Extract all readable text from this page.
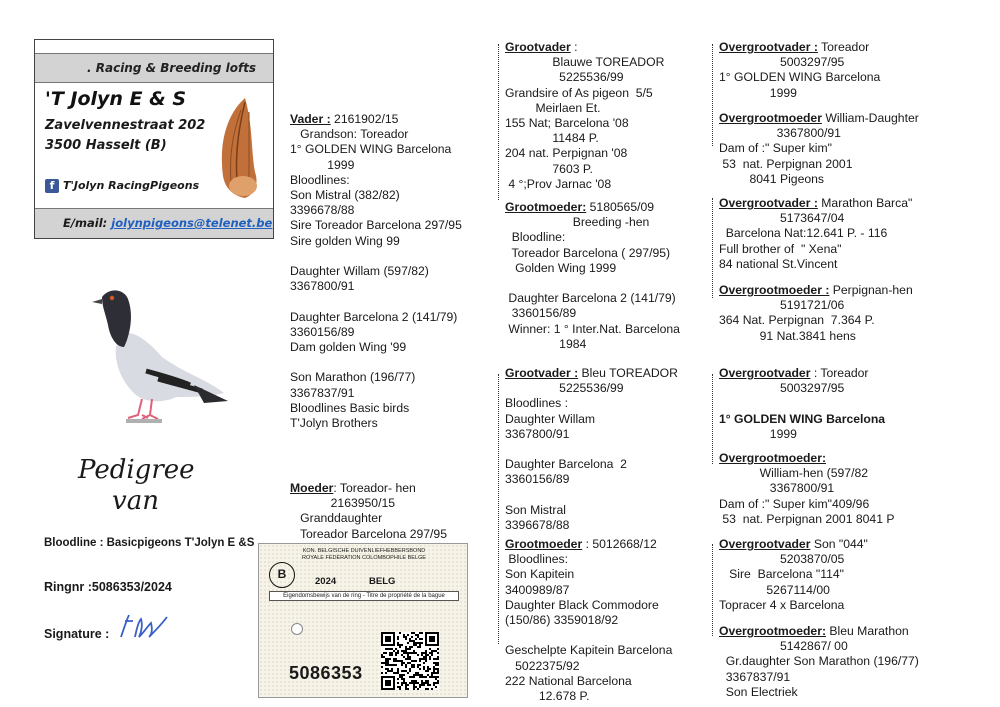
. Racing & Breeding lofts
'T Jolyn E & S
Zavelvennestraat 202
3500 Hasselt (B)
f T'Jolyn RacingPigeons
E/mail: jolynpigeons@telenet.be
Pedigree
van
Bloodline : Basicpigeons T'Jolyn E &S
Ringnr :5086353/2024
Signature :
KON. BELGISCHE DUIVENLIEFHEBBERSBOND ROYALE FÉDÉRATION COLOMBOPHILE BELGE
B
2024	BELG
Eigendomsbewijs van de ring - Titre de propriété de la bague
5086353
Vader : 2161902/15
Grandson: Toreador
1° GOLDEN WING Barcelona
1999
Bloodlines:
Son Mistral (382/82)
3396678/88
Sire Toreador Barcelona 297/95
Sire golden Wing 99

Daughter Willam (597/82)
3367800/91

Daughter Barcelona 2 (141/79)
3360156/89
Dam golden Wing '99

Son Marathon (196/77)
3367837/91
Bloodlines Basic birds
T'Jolyn Brothers
Moeder: Toreador- hen
2163950/15
Granddaughter
Toreador Barcelona 297/95
Grootvader :
Blauwe TOREADOR
5225536/99
Grandsire of As pigeon  5/5
Meirlaen Et.
155 Nat; Barcelona '08
11484 P.
204 nat. Perpignan '08
7603 P.
4 °;Prov Jarnac '08
Grootmoeder: 5180565/09
Breeding -hen
Bloodline:
Toreador Barcelona ( 297/95)
Golden Wing 1999

Daughter Barcelona 2 (141/79)
3360156/89
Winner: 1 ° Inter.Nat. Barcelona
1984
Grootvader : Bleu TOREADOR
5225536/99
Bloodlines :
Daughter Willam
3367800/91

Daughter Barcelona  2
3360156/89

Son Mistral
3396678/88
Grootmoeder : 5012668/12
Bloodlines:
Son Kapitein
3400989/87
Daughter Black Commodore
(150/86) 3359018/92

Geschelpte Kapitein Barcelona
5022375/92
222 National Barcelona
12.678 P.
Overgrootvader : Toreador
5003297/95
1° GOLDEN WING Barcelona
1999
Overgrootmoeder William-Daughter
3367800/91
Dam of :" Super kim"
53  nat. Perpignan 2001
8041 Pigeons
Overgrootvader : Marathon Barca"
5173647/04
Barcelona Nat:12.641 P. - 116
Full brother of  " Xena"
84 national St.Vincent
Overgrootmoeder : Perpignan-hen
5191721/06
364 Nat. Perpignan  7.364 P.
91 Nat.3841 hens
Overgrootvader : Toreador
5003297/95

1° GOLDEN WING Barcelona
1999
Overgrootmoeder:
William-hen (597/82
3367800/91
Dam of :" Super kim"409/96
53  nat. Perpignan 2001 8041 P
Overgrootvader Son "044"
5203870/05
Sire  Barcelona "114"
5267114/00
Topracer 4 x Barcelona
Overgrootmoeder: Bleu Marathon
5142867/ 00
Gr.daughter Son Marathon (196/77)
3367837/91
Son Electriek
